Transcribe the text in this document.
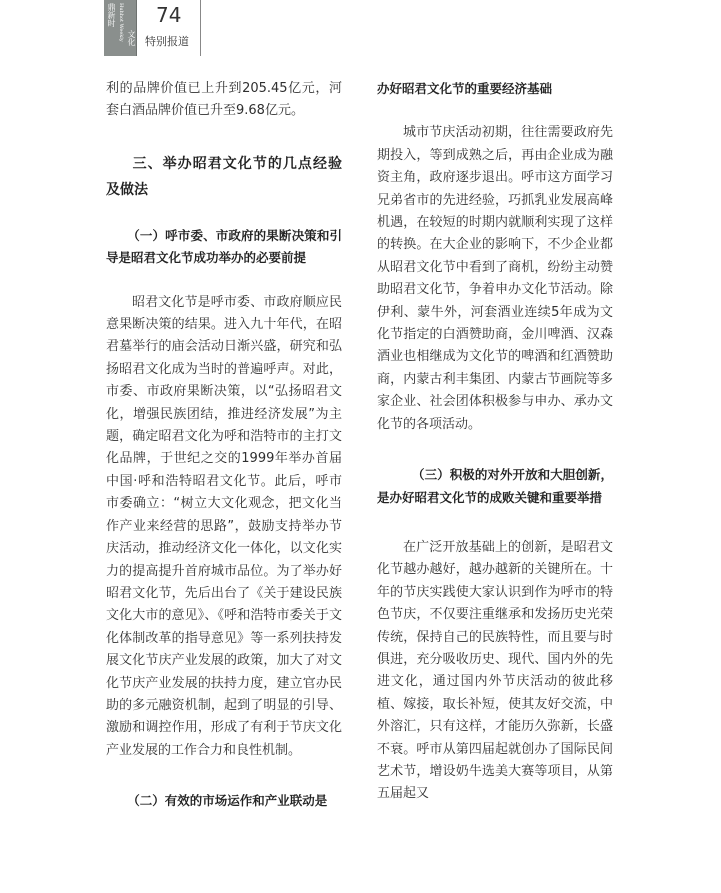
鼎新时 Huhhot Weekly 文化
74
特别报道

利的品牌价值已上升到205.45亿元，河套白酒品牌价值已升至9.68亿元。

三、举办昭君文化节的几点经验及做法

（一）呼市委、市政府的果断决策和引导是昭君文化节成功举办的必要前提

昭君文化节是呼市委、市政府顺应民意果断决策的结果。进入九十年代，在昭君墓举行的庙会活动日渐兴盛，研究和弘扬昭君文化成为当时的普遍呼声。对此，市委、市政府果断决策，以“弘扬昭君文化，增强民族团结，推进经济发展”为主题，确定昭君文化为呼和浩特市的主打文化品牌，于世纪之交的1999年举办首届中国·呼和浩特昭君文化节。此后，呼市市委确立：“树立大文化观念，把文化当作产业来经营的思路”，鼓励支持举办节庆活动，推动经济文化一体化，以文化实力的提高提升首府城市品位。为了举办好昭君文化节，先后出台了《关于建设民族文化大市的意见》、《呼和浩特市委关于文化体制改革的指导意见》等一系列扶持发展文化节庆产业发展的政策，加大了对文化节庆产业发展的扶持力度，建立官办民助的多元融资机制，起到了明显的引导、激励和调控作用，形成了有利于节庆文化产业发展的工作合力和良性机制。

（二）有效的市场运作和产业联动是

办好昭君文化节的重要经济基础

城市节庆活动初期，往往需要政府先期投入，等到成熟之后，再由企业成为融资主角，政府逐步退出。呼市这方面学习兄弟省市的先进经验，巧抓乳业发展高峰机遇，在较短的时期内就顺利实现了这样的转换。在大企业的影响下，不少企业都从昭君文化节中看到了商机，纷纷主动赞助昭君文化节，争着申办文化节活动。除伊利、蒙牛外，河套酒业连续5年成为文化节指定的白酒赞助商，金川啤酒、汉森酒业也相继成为文化节的啤酒和红酒赞助商，内蒙古利丰集团、内蒙古节画院等多家企业、社会团体积极参与申办、承办文化节的各项活动。

（三）积极的对外开放和大胆创新，是办好昭君文化节的成败关键和重要举措

在广泛开放基础上的创新，是昭君文化节越办越好，越办越新的关键所在。十年的节庆实践使大家认识到作为呼市的特色节庆，不仅要注重继承和发扬历史光荣传统，保持自己的民族特性，而且要与时俱进，充分吸收历史、现代、国内外的先进文化，通过国内外节庆活动的彼此移植、嫁接，取长补短，使其友好交流，中外溶汇，只有这样，才能历久弥新，长盛不衰。呼市从第四届起就创办了国际民间艺术节，增设奶牛选美大赛等项目，从第五届起又
